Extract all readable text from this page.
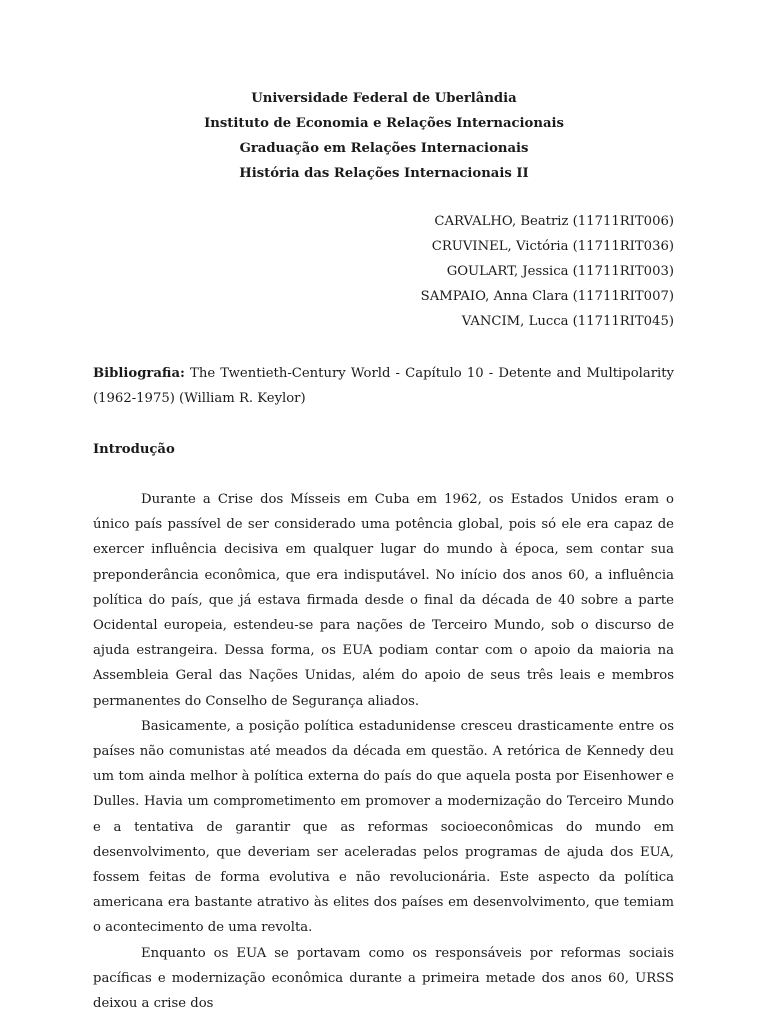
Universidade Federal de Uberlândia
Instituto de Economia e Relações Internacionais
Graduação em Relações Internacionais
História das Relações Internacionais II
CARVALHO, Beatriz (11711RIT006)
CRUVINEL, Victória (11711RIT036)
GOULART, Jessica (11711RIT003)
SAMPAIO, Anna Clara (11711RIT007)
VANCIM, Lucca (11711RIT045)
Bibliografia: The Twentieth-Century World - Capítulo 10 - Detente and Multipolarity (1962-1975) (William R. Keylor)
Introdução

Durante a Crise dos Mísseis em Cuba em 1962, os Estados Unidos eram o único país passível de ser considerado uma potência global, pois só ele era capaz de exercer influência decisiva em qualquer lugar do mundo à época, sem contar sua preponderância econômica, que era indisputável. No início dos anos 60, a influência política do país, que já estava firmada desde o final da década de 40 sobre a parte Ocidental europeia, estendeu-se para nações de Terceiro Mundo, sob o discurso de ajuda estrangeira. Dessa forma, os EUA podiam contar com o apoio da maioria na Assembleia Geral das Nações Unidas, além do apoio de seus três leais e membros permanentes do Conselho de Segurança aliados.

Basicamente, a posição política estadunidense cresceu drasticamente entre os países não comunistas até meados da década em questão. A retórica de Kennedy deu um tom ainda melhor à política externa do país do que aquela posta por Eisenhower e Dulles. Havia um comprometimento em promover a modernização do Terceiro Mundo e a tentativa de garantir que as reformas socioeconômicas do mundo em desenvolvimento, que deveriam ser aceleradas pelos programas de ajuda dos EUA, fossem feitas de forma evolutiva e não revolucionária. Este aspecto da política americana era bastante atrativo às elites dos países em desenvolvimento, que temiam o acontecimento de uma revolta.

Enquanto os EUA se portavam como os responsáveis por reformas sociais pacíficas e modernização econômica durante a primeira metade dos anos 60, URSS deixou a crise dos
